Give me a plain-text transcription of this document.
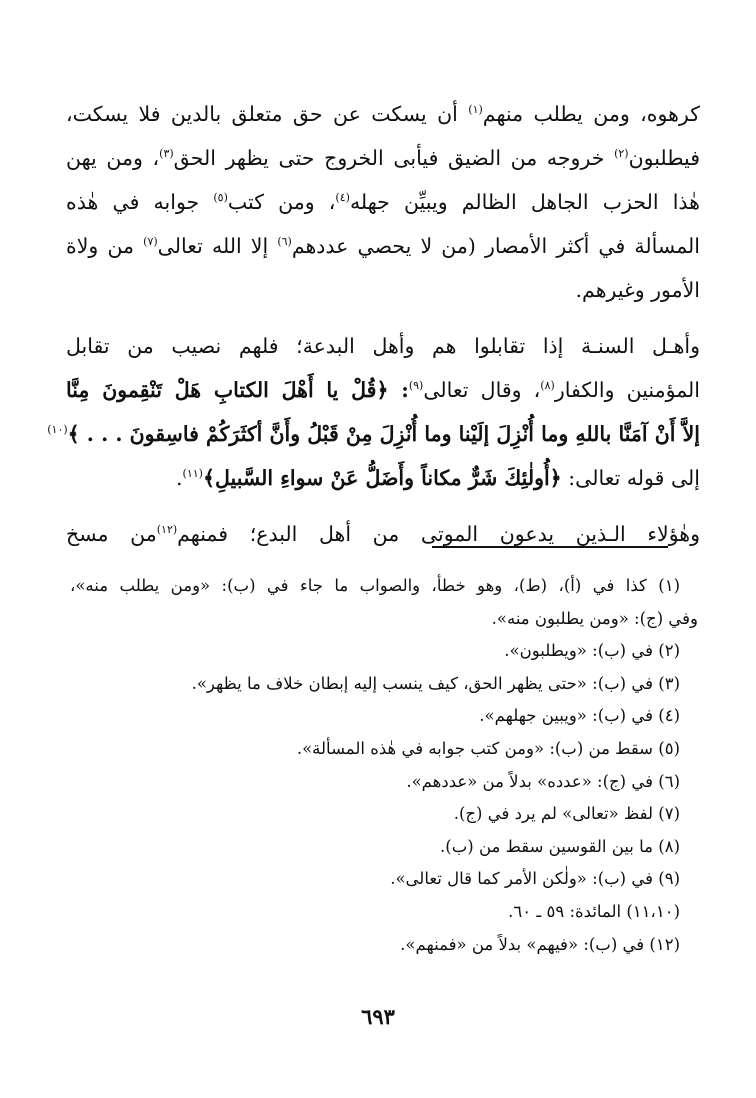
كرهوه، ومن يطلب منهم$^{(١)}$ أن يسكت عن حق متعلق بالدين فلا يسكت،
فيطلبون$^{(٢)}$ خروجه من الضيق فيأبى الخروج حتى يظهر الحق$^{(٣)}$، ومن يهن
هٰذا الحزب الجاهل الظالم ويبيِّن جهله$^{(٤)}$، ومن كتب$^{(٥)}$ جوابه في هٰذه
المسألة في أكثر الأمصار (من لا يحصي عددهم$^{(٦)}$ إلا الله تعالى$^{(٧)}$ من ولاة
الأمور وغيرهم.
وأهـل السنـة إذا تقابلوا هم وأهل البدعة؛ فلهم نصيب من تقابل
المؤمنين والكفار$^{(٨)}$، وقال تعالى$^{(٩)}$: ﴿قُلْ يا أَهْلَ الكتابِ هَلْ تَنْقِمونَ مِنَّا
إلاَّ أَنْ آمَنَّا باللهِ وما أُنْزِلَ إلَيْنا وما أُنْزِلَ مِنْ قَبْلُ وأَنَّ أكثَرَكُمْ فاسِقونَ . . . ﴾$^{(١٠)}$
إلى قوله تعالى: ﴿أُولٰئِكَ شَرٌّ مكاناً وأَضَلُّ عَنْ سواءِ السَّبيلِ﴾$^{(١١)}$.
وهٰؤلاء الـذين يدعون الموتى من أهل البدع؛ فمنهم$^{(١٢)}$من مسخ
(١) كذا في (أ)، (ط)، وهو خطأ، والصواب ما جاء في (ب): «ومن يطلب منه»،
وفي (ج): «ومن يطلبون منه».
(٢) في (ب): «ويطلبون».
(٣) في (ب): «حتى يظهر الحق، كيف ينسب إليه إبطان خلاف ما يظهر».
(٤) في (ب): «ويبين جهلهم».
(٥) سقط من (ب): «ومن كتب جوابه في هٰذه المسألة».
(٦) في (ج): «عدده» بدلاً من «عددهم».
(٧) لفظ «تعالى» لم يرد في (ج).
(٨) ما بين القوسين سقط من (ب).
(٩) في (ب): «ولٰكن الأمر كما قال تعالى».
(١١،١٠) المائدة: ٥٩ ـ ٦٠.
(١٢) في (ب): «فيهم» بدلاً من «فمنهم».
٦٩٣
